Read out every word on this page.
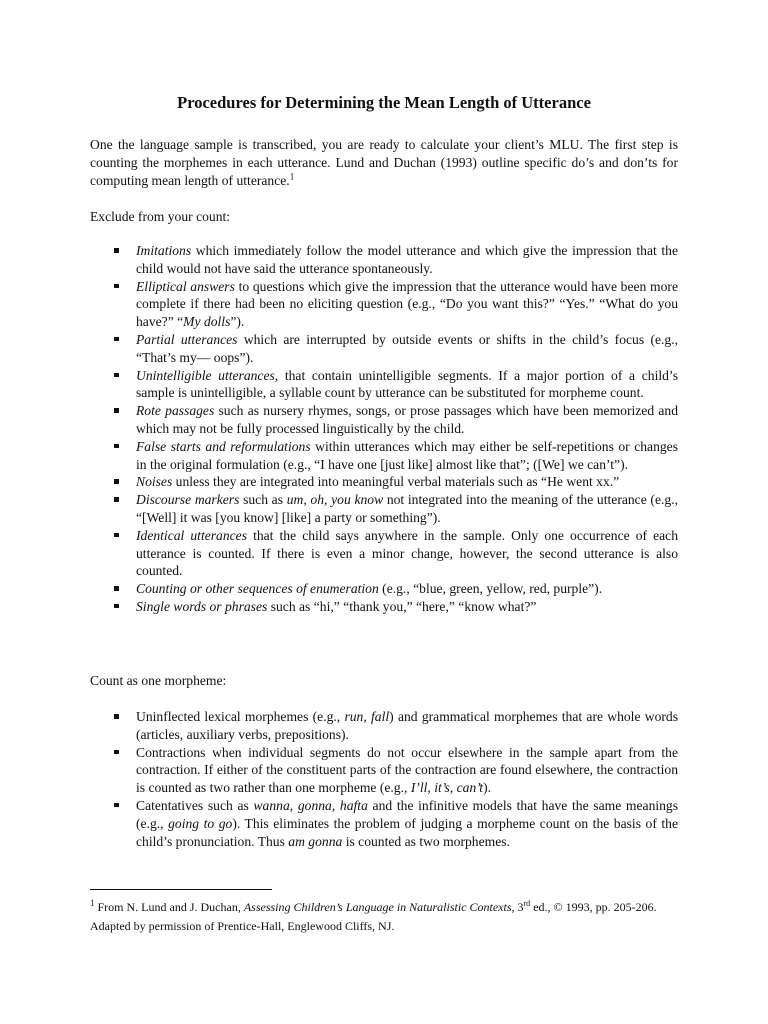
Procedures for Determining the Mean Length of Utterance
One the language sample is transcribed, you are ready to calculate your client’s MLU. The first step is counting the morphemes in each utterance. Lund and Duchan (1993) outline specific do’s and don’ts for computing mean length of utterance.$^1$
Exclude from your count:
Imitations which immediately follow the model utterance and which give the impression that the child would not have said the utterance spontaneously.
Elliptical answers to questions which give the impression that the utterance would have been more complete if there had been no eliciting question (e.g., “Do you want this?” “Yes.” “What do you have?” “My dolls”).
Partial utterances which are interrupted by outside events or shifts in the child’s focus (e.g., “That’s my— oops”).
Unintelligible utterances, that contain unintelligible segments. If a major portion of a child’s sample is unintelligible, a syllable count by utterance can be substituted for morpheme count.
Rote passages such as nursery rhymes, songs, or prose passages which have been memorized and which may not be fully processed linguistically by the child.
False starts and reformulations within utterances which may either be self-repetitions or changes in the original formulation (e.g., “I have one [just like] almost like that”; ([We] we can’t”).
Noises unless they are integrated into meaningful verbal materials such as “He went xx.”
Discourse markers such as um, oh, you know not integrated into the meaning of the utterance (e.g., “[Well] it was [you know] [like] a party or something”).
Identical utterances that the child says anywhere in the sample. Only one occurrence of each utterance is counted. If there is even a minor change, however, the second utterance is also counted.
Counting or other sequences of enumeration (e.g., “blue, green, yellow, red, purple”).
Single words or phrases such as “hi,” “thank you,” “here,” “know what?”
Count as one morpheme:
Uninflected lexical morphemes (e.g., run, fall) and grammatical morphemes that are whole words (articles, auxiliary verbs, prepositions).
Contractions when individual segments do not occur elsewhere in the sample apart from the contraction. If either of the constituent parts of the contraction are found elsewhere, the contraction is counted as two rather than one morpheme (e.g., I’ll, it’s, can’t).
Catentatives such as wanna, gonna, hafta and the infinitive models that have the same meanings (e.g., going to go). This eliminates the problem of judging a morpheme count on the basis of the child’s pronunciation. Thus am gonna is counted as two morphemes.
$^1$ From N. Lund and J. Duchan, Assessing Children’s Language in Naturalistic Contexts, 3rd ed., © 1993, pp. 205-206. Adapted by permission of Prentice-Hall, Englewood Cliffs, NJ.
